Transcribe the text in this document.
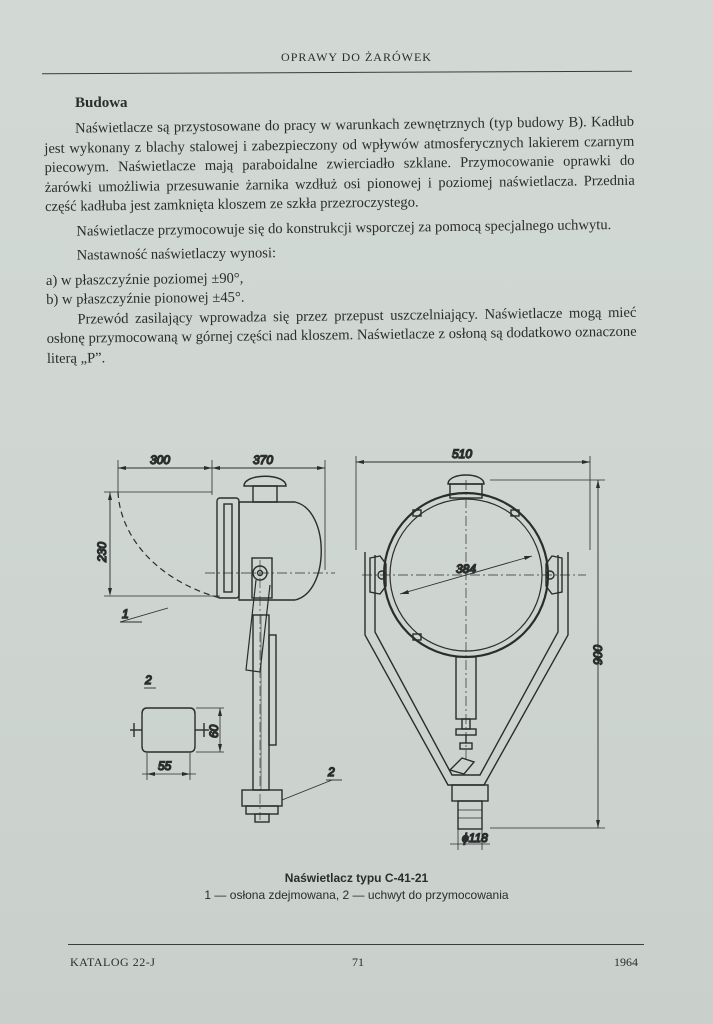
OPRAWY DO ŻARÓWEK
Budowa

Naświetlacze są przystosowane do pracy w warunkach zewnętrznych (typ budowy B). Kadłub jest wykonany z blachy stalowej i zabezpieczony od wpływów atmosferycznych lakierem czarnym piecowym. Naświetlacze mają paraboidalne zwierciadło szklane. Przymocowanie oprawki do żarówki umożliwia przesuwanie żarnika wzdłuż osi pionowej i poziomej naświetlacza. Przednia część kadłuba jest zamknięta kloszem ze szkła przezroczystego.

Naświetlacze przymocowuje się do konstrukcji wsporczej za pomocą specjalnego uchwytu.

Nastawność naświetlaczy wynosi:

a) w płaszczyźnie poziomej ±90°,

b) w płaszczyźnie pionowej ±45°.

Przewód zasilający wprowadza się przez przepust uszczelniający. Naświetlacze mogą mieć osłonę przymocowaną w górnej części nad kloszem. Naświetlacze z osłoną są dodatkowo oznaczone literą „P”.

300	370
230
1
2
2
60
55
510
384
900
ϕ118
Naświetlacz typu C-41-21
1 — osłona zdejmowana, 2 — uchwyt do przymocowania
KATALOG 22-J	71	1964
